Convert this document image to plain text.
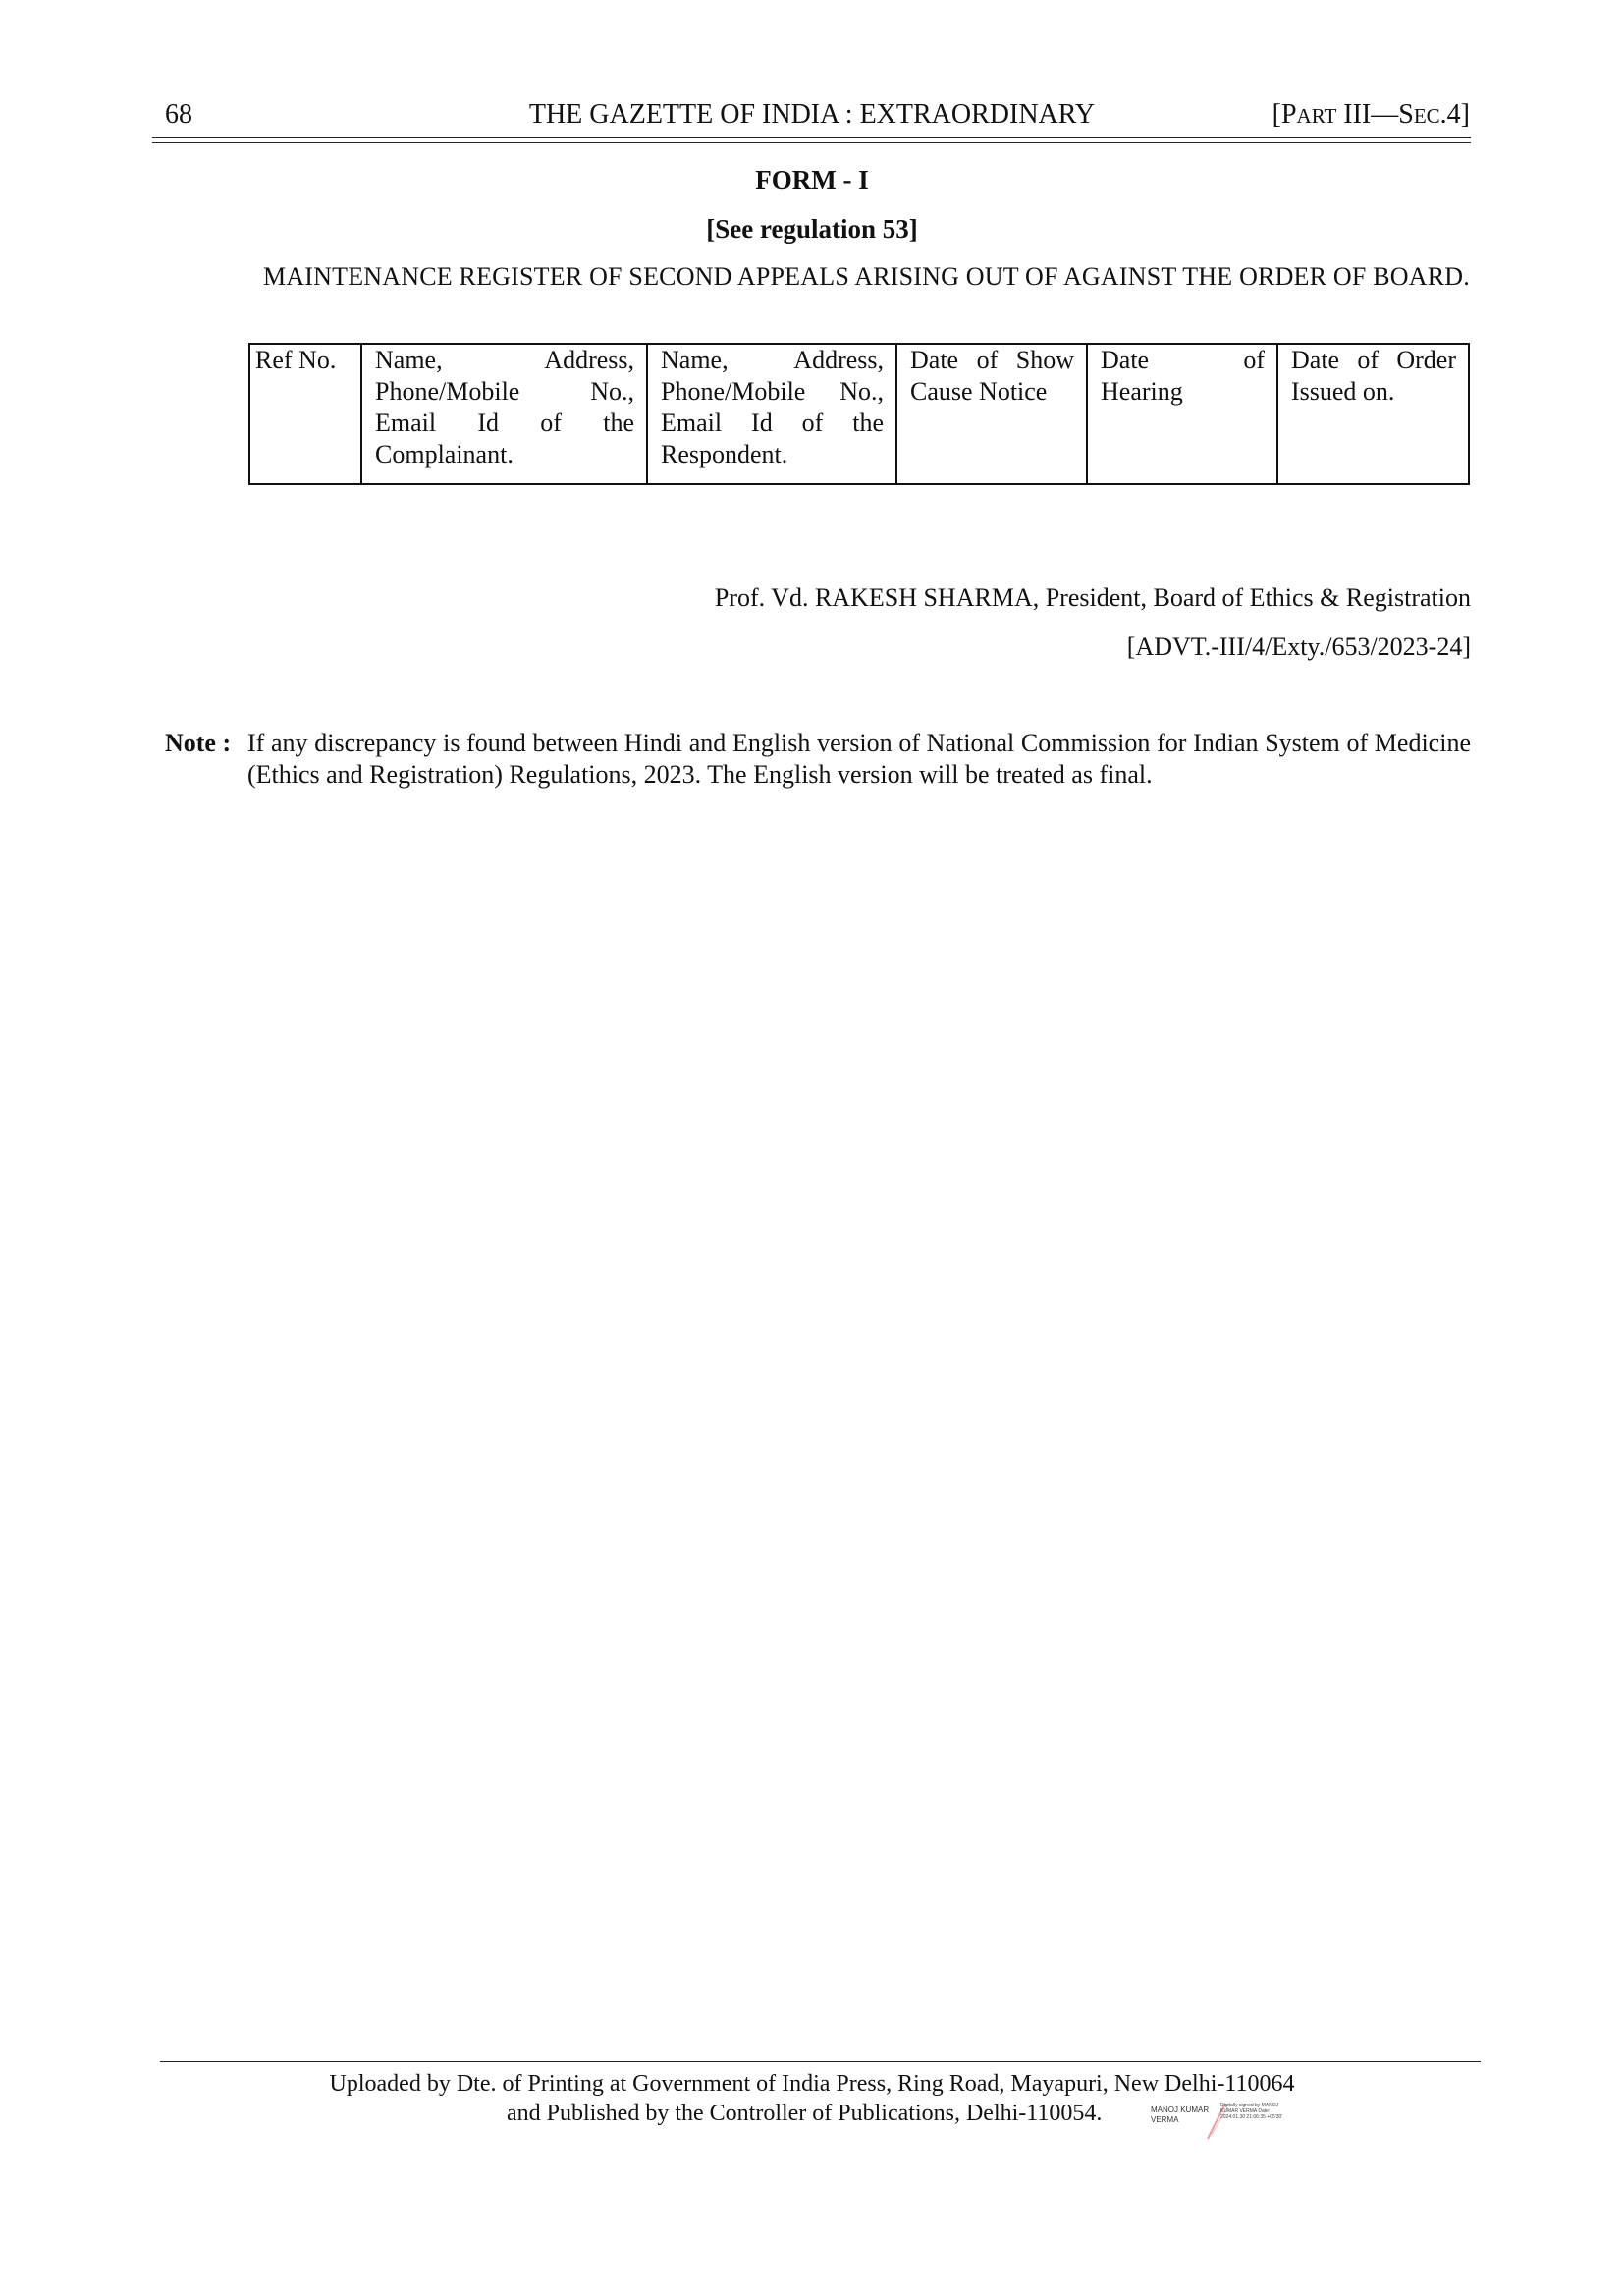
68	THE GAZETTE OF INDIA : EXTRAORDINARY	[PART III—SEC.4]
FORM - I
[See regulation 53]
MAINTENANCE REGISTER OF SECOND APPEALS ARISING OUT OF AGAINST THE ORDER OF BOARD.
Ref No.	Name, Address, Phone/Mobile No., Email Id of the Complainant.	Name, Address, Phone/Mobile No., Email Id of the Respondent.	Date of Show Cause Notice	Date of Hearing	Date of Order Issued on.
Prof. Vd. RAKESH SHARMA, President, Board of Ethics & Registration
[ADVT.-III/4/Exty./653/2023-24]
Note : If any discrepancy is found between Hindi and English version of National Commission for Indian System of Medicine (Ethics and Registration) Regulations, 2023. The English version will be treated as final.
Uploaded by Dte. of Printing at Government of India Press, Ring Road, Mayapuri, New Delhi-110064
and Published by the Controller of Publications, Delhi-110054.	MANOJ KUMAR VERMA
Digitally signed by MANOJ KUMAR VERMA Date: 2024.01.30 21:06:35 +05'30'
